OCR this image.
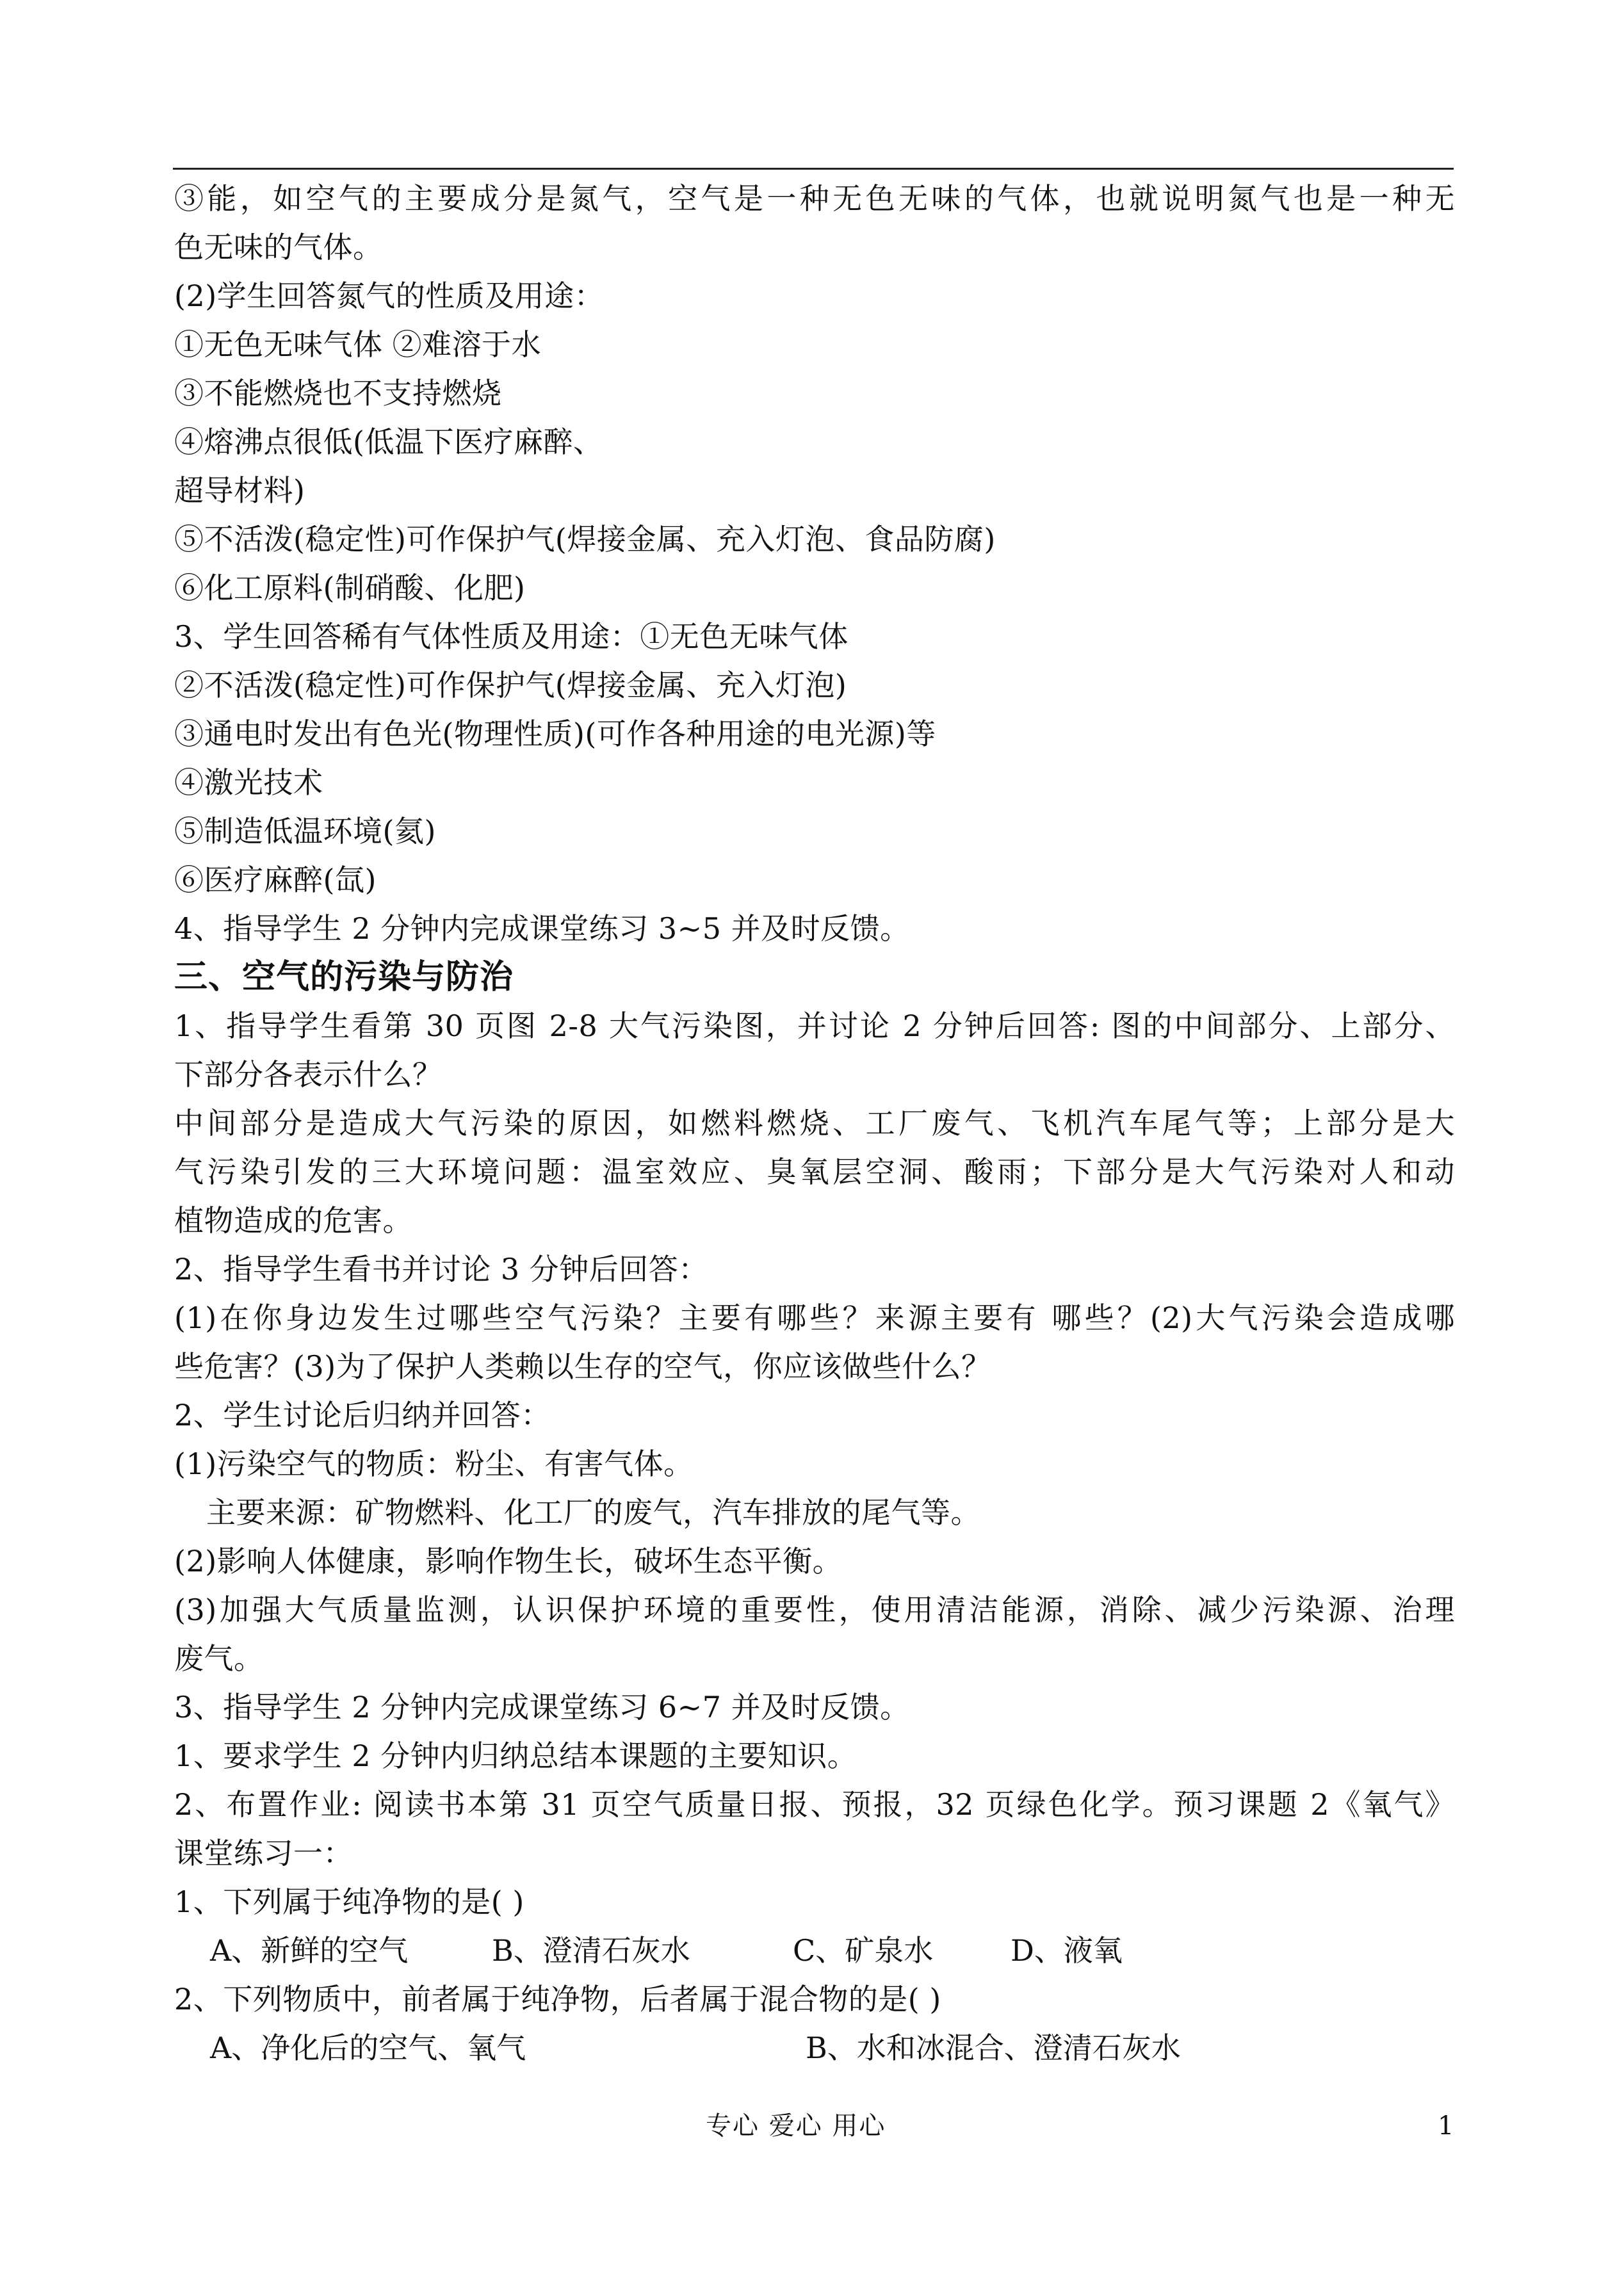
③能，如空气的主要成分是氮气，空气是一种无色无味的气体，也就说明氮气也是一种无
色无味的气体。
(2)学生回答氮气的性质及用途：
①无色无味气体 ②难溶于水
③不能燃烧也不支持燃烧
④熔沸点很低(低温下医疗麻醉、
超导材料)
⑤不活泼(稳定性)可作保护气(焊接金属、充入灯泡、食品防腐)
⑥化工原料(制硝酸、化肥)
3、学生回答稀有气体性质及用途：①无色无味气体
②不活泼(稳定性)可作保护气(焊接金属、充入灯泡)
③通电时发出有色光(物理性质)(可作各种用途的电光源)等
④激光技术
⑤制造低温环境(氦)
⑥医疗麻醉(氙)
4、指导学生 2 分钟内完成课堂练习 3~5 并及时反馈。
三、空气的污染与防治
1、指导学生看第 30 页图 2-8 大气污染图，并讨论 2 分钟后回答: 图的中间部分、上部分、
下部分各表示什么？
中间部分是造成大气污染的原因，如燃料燃烧、工厂废气、飞机汽车尾气等；上部分是大
气污染引发的三大环境问题：温室效应、臭氧层空洞、酸雨；下部分是大气污染对人和动
植物造成的危害。
2、指导学生看书并讨论 3 分钟后回答：
(1)在你身边发生过哪些空气污染？主要有哪些？来源主要有 哪些？(2)大气污染会造成哪
些危害？(3)为了保护人类赖以生存的空气，你应该做些什么？
2、学生讨论后归纳并回答：
(1)污染空气的物质：粉尘、有害气体。
主要来源：矿物燃料、化工厂的废气，汽车排放的尾气等。
(2)影响人体健康，影响作物生长，破坏生态平衡。
(3)加强大气质量监测，认识保护环境的重要性，使用清洁能源，消除、减少污染源、治理
废气。
3、指导学生 2 分钟内完成课堂练习 6~7 并及时反馈。
1、要求学生 2 分钟内归纳总结本课题的主要知识。
2、布置作业: 阅读书本第 31 页空气质量日报、预报，32 页绿色化学。预习课题 2《氧气》
课堂练习一：
1、下列属于纯净物的是( )
A、新鲜的空气	B、澄清石灰水	C、矿泉水	D、液氧
2、下列物质中，前者属于纯净物，后者属于混合物的是( )
A、净化后的空气、氧气	B、水和冰混合、澄清石灰水
专心 爱心 用心	1
